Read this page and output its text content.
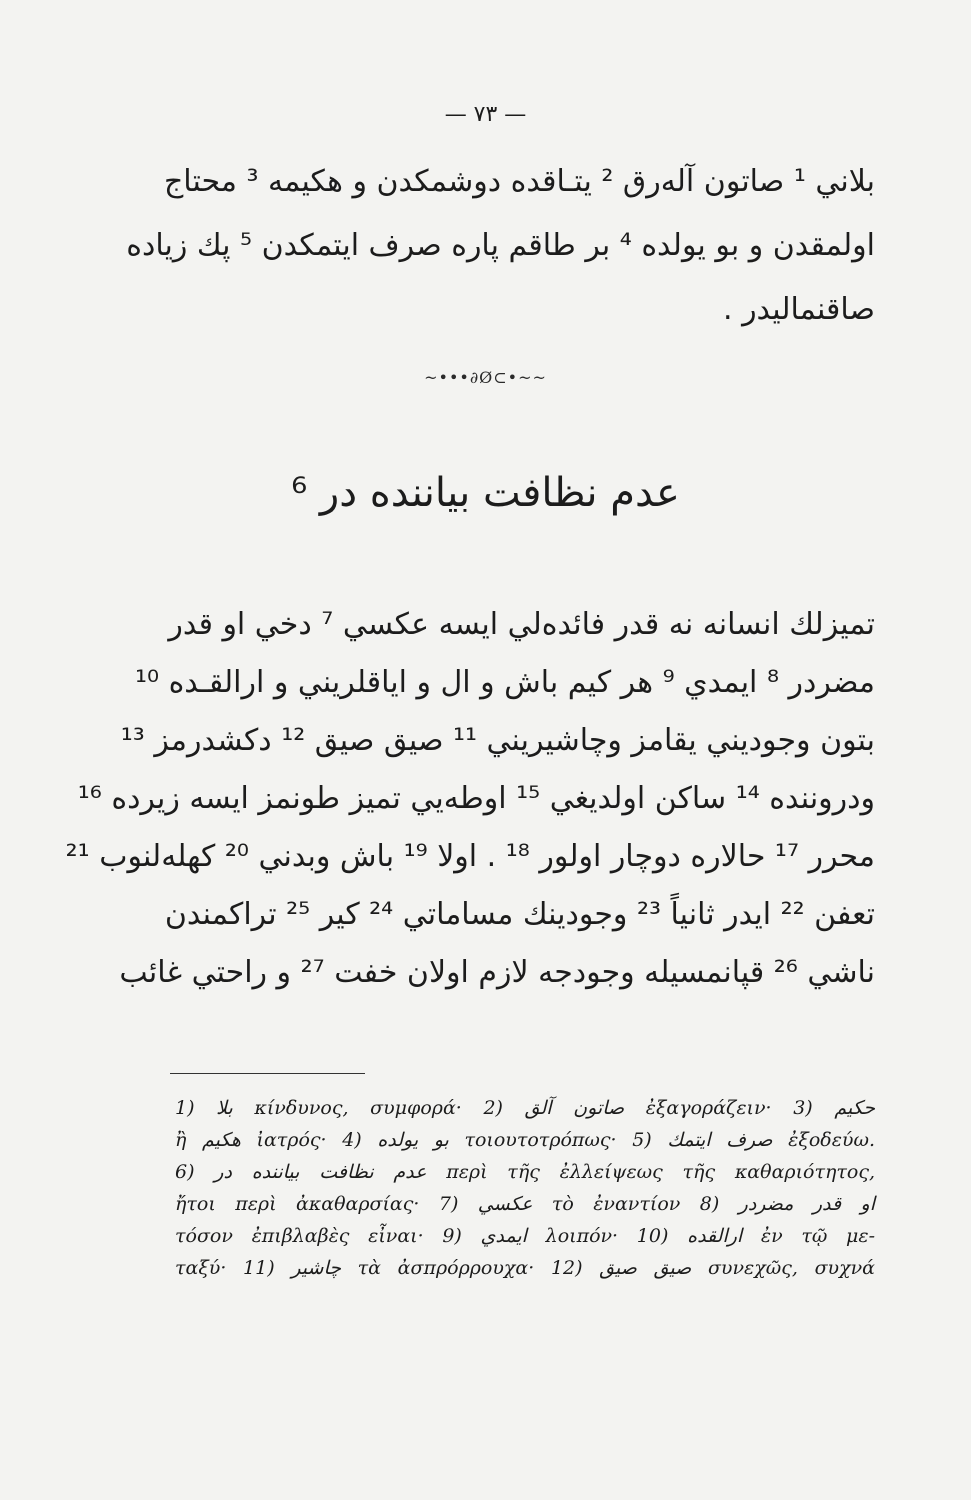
— ۷۳ —
بلاني ¹ صاتون آلەرق ² يتـاقده دوشمكدن و هكيمه ³ محتاج
اولمقدن و بو يولده ⁴ بر طاقم پاره صرف ايتمكدن ⁵ پك زياده
صاقنماليدر .
~•••∂Ø⊂•~~
عدم نظافت بياننده در ⁶
تميزلك انسانه نه قدر فائدەلي ايسه عكسي ⁷ دخي او قدر
مضردر ⁸ ايمدي ⁹ هر كيم باش و ال و اياقلريني و ارالقـده ¹⁰
بتون وجوديني يقامز وچاشيريني ¹¹ صيق صيق ¹² دكشدرمز ¹³
ودروننده ¹⁴ ساكن اولديغي ¹⁵ اوطەيي تميز طونمز ايسه زيرده ¹⁶
محرر ¹⁷ حالاره دوچار اولور ¹⁸ . اولا ¹⁹ باش وبدني ²⁰ كهلەلنوب ²¹
تعفن ²² ايدر ثانياً ²³ وجودينك مساماتي ²⁴ كير ²⁵ تراكمندن
ناشي ²⁶ قپانمسيله وجودجه لازم اولان خفت ²⁷ و راحتي غائب
1) بلا κίνδυνος, συμφορά· 2) صاتون آلق ἐξαγοράζειν· 3) حكيم
ἢ هكيم ἰατρός· 4) بو يولده τοιουτοτρόπως· 5) صرف ايتمك ἐξοδεύω.
6) عدم نظافت بياننده در περὶ τῆς ἐλλείψεως τῆς καθαριότητος,
ἤτοι περὶ ἀκαθαρσίας· 7) عكسي τὸ ἐναντίον 8) او قدر مضردر
τόσον ἐπιβλαβὲς εἶναι· 9) ايمدي λοιπόν· 10) ارالقده ἐν τῷ με-
ταξύ· 11) چاشير τὰ ἀσπρόρρουχα· 12) صيق صيق συνεχῶς, συχνά
